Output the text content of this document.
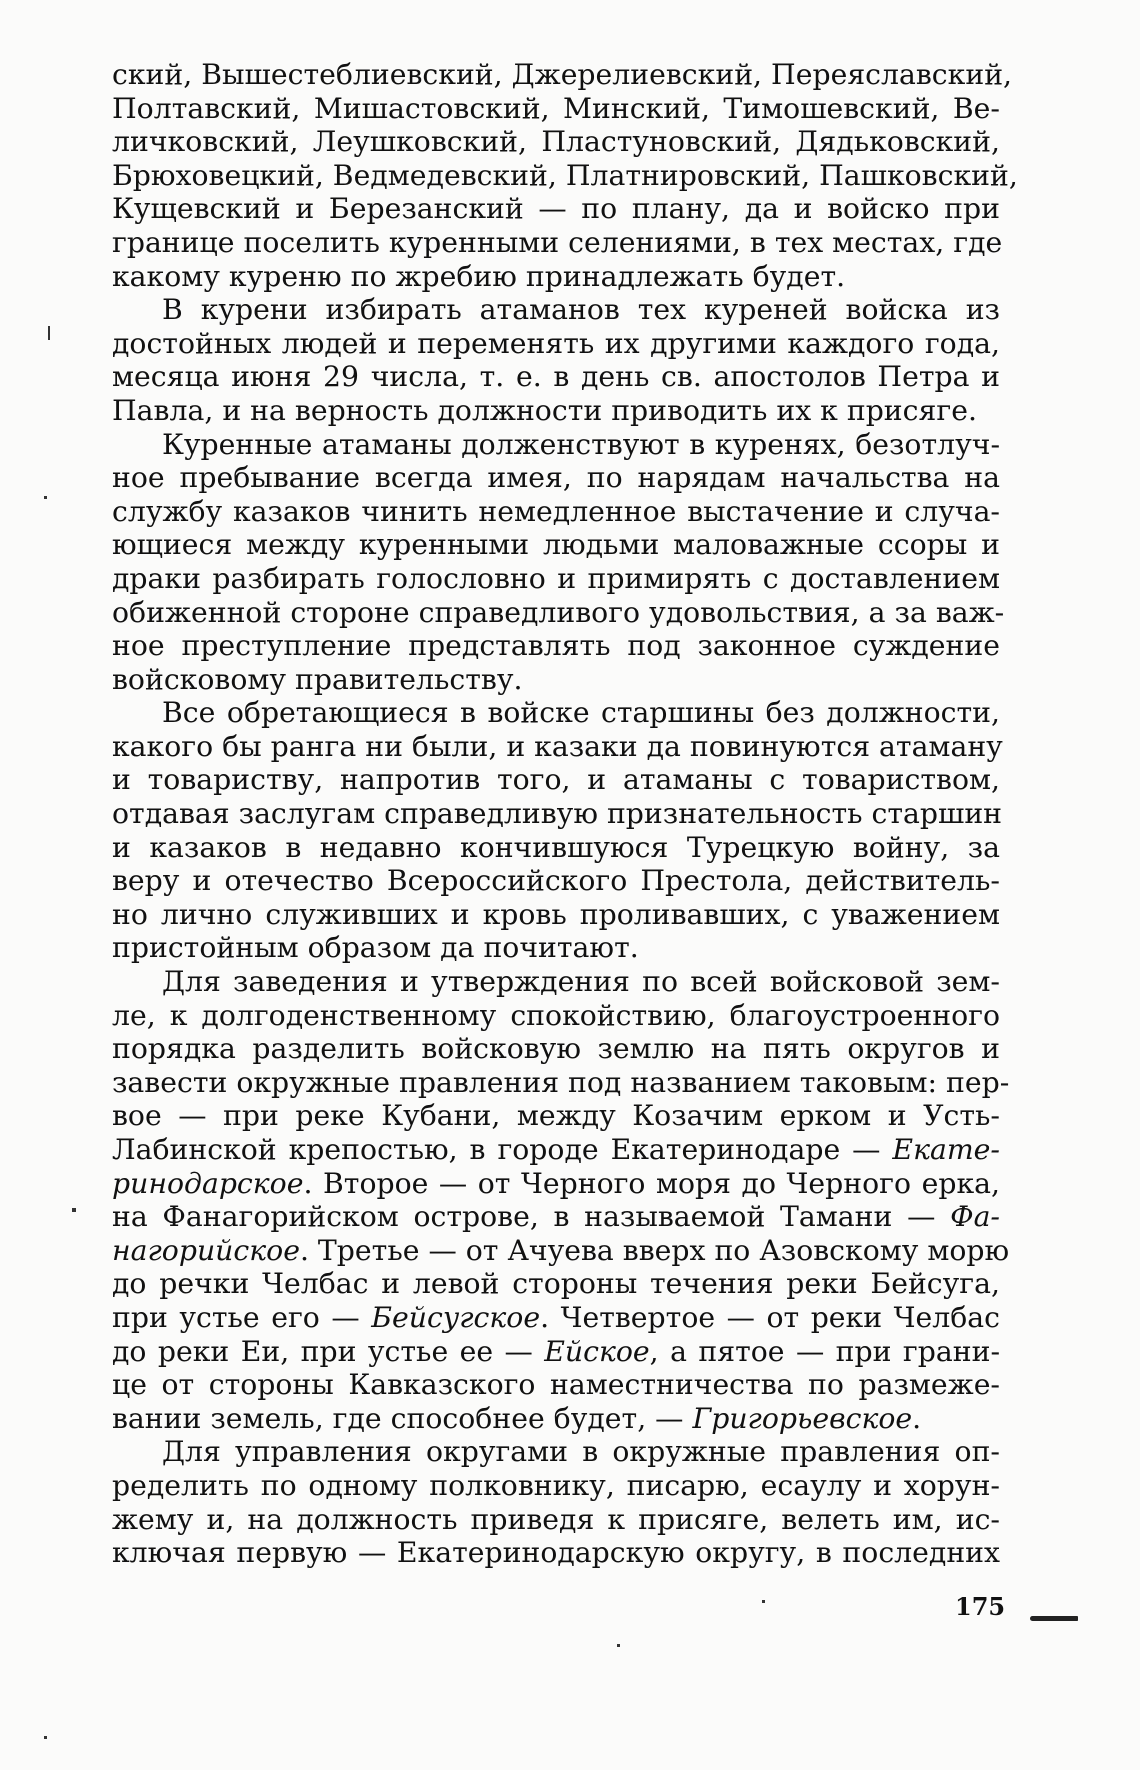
ский, Вышестеблиевский, Джерелиевский, Переяславский,
Полтавский, Мишастовский, Минский, Тимошевский, Ве-
личковский, Леушковский, Пластуновский, Дядьковский,
Брюховецкий, Ведмедевский, Платнировский, Пашковский,
Кущевский и Березанский — по плану, да и войско при
границе поселить куренными селениями, в тех местах, где
какому куреню по жребию принадлежать будет.
В курени избирать атаманов тех куреней войска из
достойных людей и переменять их другими каждого года,
месяца июня 29 числа, т. е. в день св. апостолов Петра и
Павла, и на верность должности приводить их к присяге.
Куренные атаманы долженствуют в куренях, безотлуч-
ное пребывание всегда имея, по нарядам начальства на
службу казаков чинить немедленное выстачение и случа-
ющиеся между куренными людьми маловажные ссоры и
драки разбирать голословно и примирять с доставлением
обиженной стороне справедливого удовольствия, а за важ-
ное преступление представлять под законное суждение
войсковому правительству.
Все обретающиеся в войске старшины без должности,
какого бы ранга ни были, и казаки да повинуются атаману
и товариству, напротив того, и атаманы с товариством,
отдавая заслугам справедливую признательность старшин
и казаков в недавно кончившуюся Турецкую войну, за
веру и отечество Всероссийского Престола, действитель-
но лично служивших и кровь проливавших, с уважением
пристойным образом да почитают.
Для заведения и утверждения по всей войсковой зем-
ле, к долгоденственному спокойствию, благоустроенного
порядка разделить войсковую землю на пять округов и
завести окружные правления под названием таковым: пер-
вое — при реке Кубани, между Козачим ерком и Усть-
Лабинской крепостью, в городе Екатеринодаре — Екате-
ринодарское. Второе — от Черного моря до Черного ерка,
на Фанагорийском острове, в называемой Тамани — Фа-
нагорийское. Третье — от Ачуева вверх по Азовскому морю
до речки Челбас и левой стороны течения реки Бейсуга,
при устье его — Бейсугское. Четвертое — от реки Челбас
до реки Еи, при устье ее — Ейское, а пятое — при грани-
це от стороны Кавказского наместничества по размеже-
вании земель, где способнее будет, — Григорьевское.
Для управления округами в окружные правления оп-
ределить по одному полковнику, писарю, есаулу и хорун-
жему и, на должность приведя к присяге, велеть им, ис-
ключая первую — Екатеринодарскую округу, в последних
175
